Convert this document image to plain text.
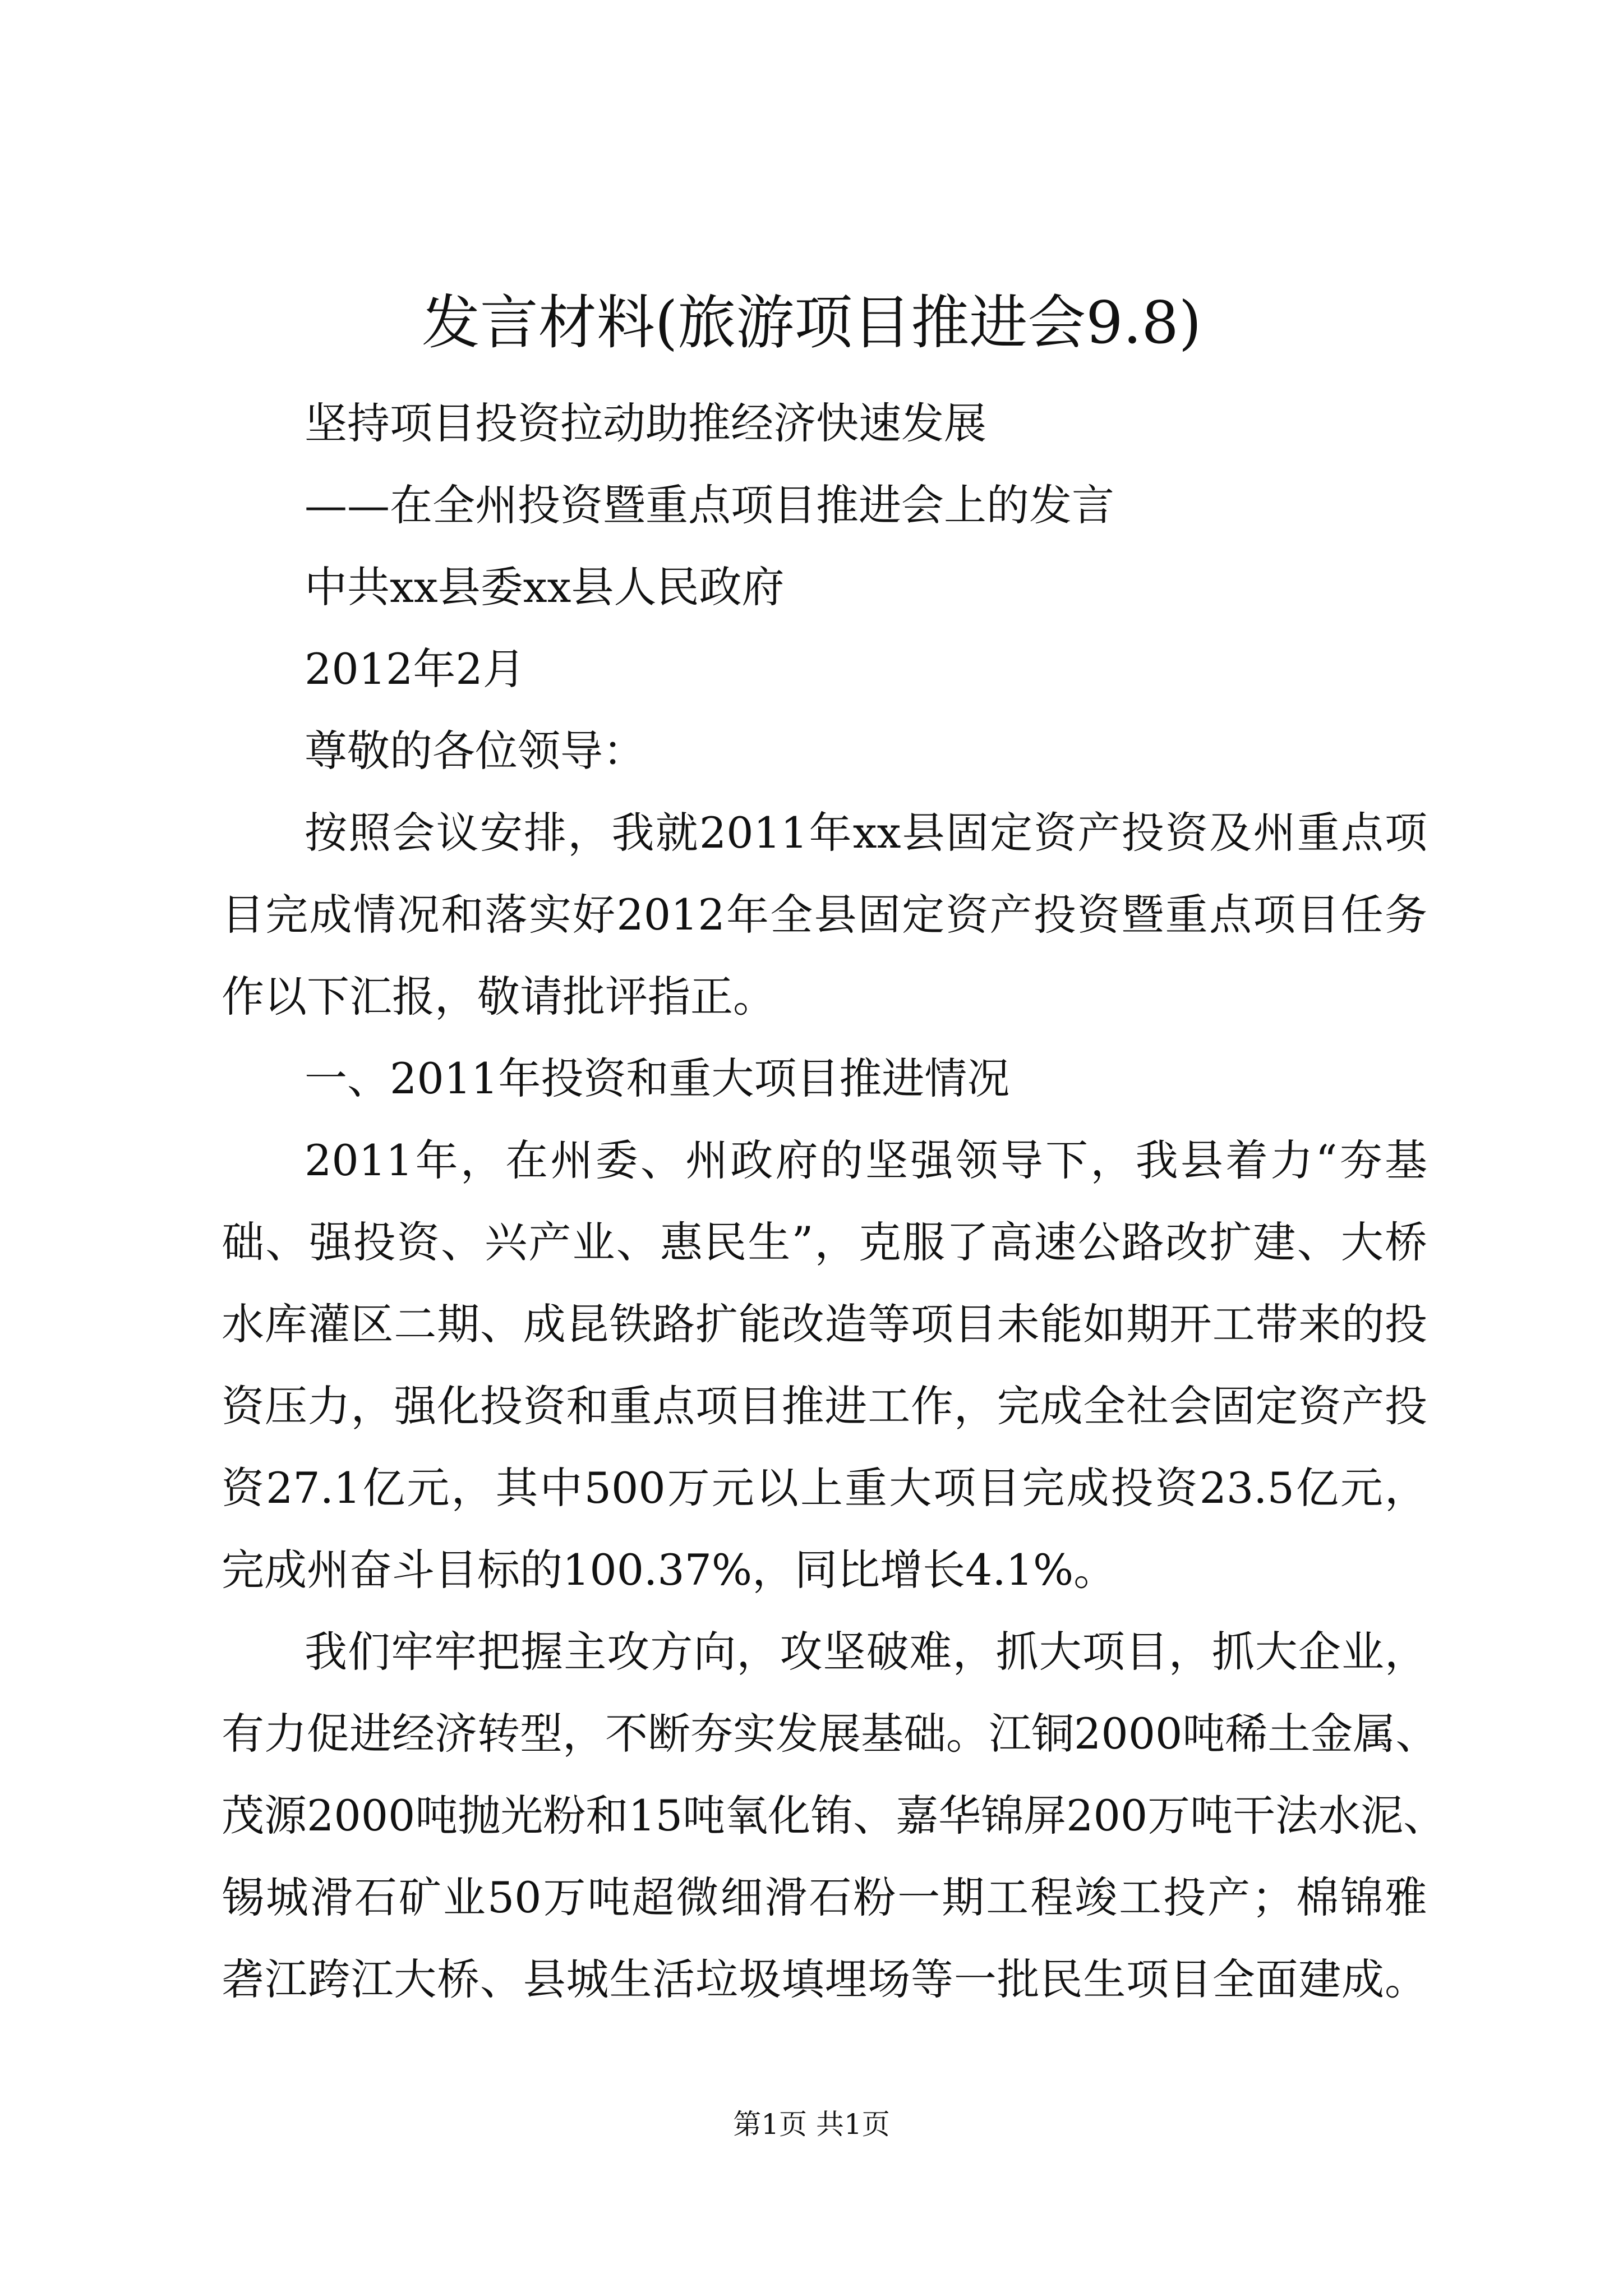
发言材料(旅游项目推进会9.8)
坚持项目投资拉动助推经济快速发展
——在全州投资暨重点项目推进会上的发言
中共xx县委xx县人民政府
2012年2月
尊敬的各位领导：
按照会议安排，我就2011年xx县固定资产投资及州重点项
目完成情况和落实好2012年全县固定资产投资暨重点项目任务
作以下汇报，敬请批评指正。
一、2011年投资和重大项目推进情况
2011年，在州委、州政府的坚强领导下，我县着力“夯基
础、强投资、兴产业、惠民生”，克服了高速公路改扩建、大桥
水库灌区二期、成昆铁路扩能改造等项目未能如期开工带来的投
资压力，强化投资和重点项目推进工作，完成全社会固定资产投
资27.1亿元，其中500万元以上重大项目完成投资23.5亿元，
完成州奋斗目标的100.37%，同比增长4.1%。
我们牢牢把握主攻方向，攻坚破难，抓大项目，抓大企业，
有力促进经济转型，不断夯实发展基础。江铜2000吨稀土金属、
茂源2000吨抛光粉和15吨氧化铕、嘉华锦屏200万吨干法水泥、
锡城滑石矿业50万吨超微细滑石粉一期工程竣工投产；棉锦雅
砻江跨江大桥、县城生活垃圾填埋场等一批民生项目全面建成。
第1页 共1页
